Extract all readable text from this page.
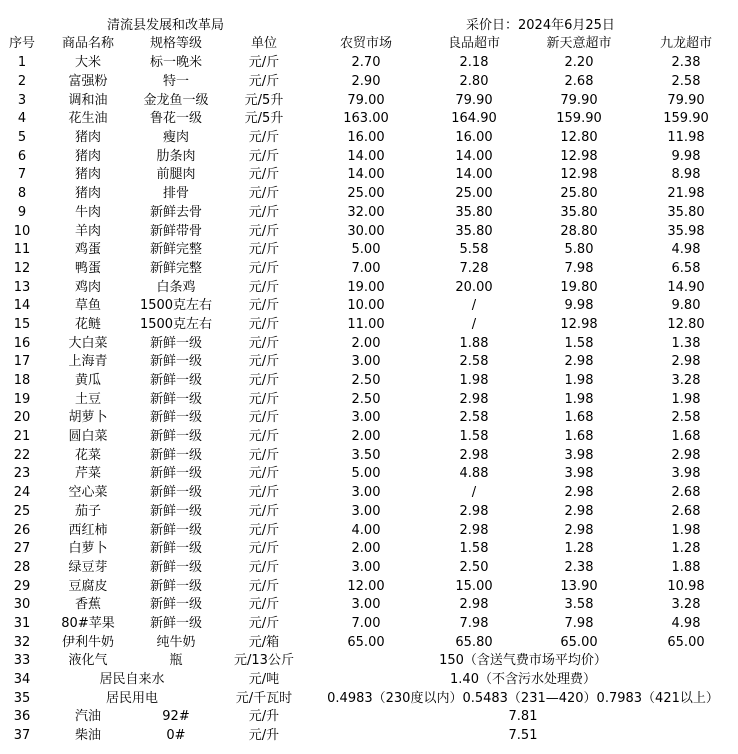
清流县发展和改革局	采价日：2024年6月25日
序号	商品名称	规格等级	单位	农贸市场	良品超市	新天意超市	九龙超市
1	大米	标一晚米	元/斤	2.70	2.18	2.20	2.38
2	富强粉	特一	元/斤	2.90	2.80	2.68	2.58
3	调和油	金龙鱼一级	元/5升	79.00	79.90	79.90	79.90
4	花生油	鲁花一级	元/5升	163.00	164.90	159.90	159.90
5	猪肉	瘦肉	元/斤	16.00	16.00	12.80	11.98
6	猪肉	肋条肉	元/斤	14.00	14.00	12.98	9.98
7	猪肉	前腿肉	元/斤	14.00	14.00	12.98	8.98
8	猪肉	排骨	元/斤	25.00	25.00	25.80	21.98
9	牛肉	新鲜去骨	元/斤	32.00	35.80	35.80	35.80
10	羊肉	新鲜带骨	元/斤	30.00	35.80	28.80	35.98
11	鸡蛋	新鲜完整	元/斤	5.00	5.58	5.80	4.98
12	鸭蛋	新鲜完整	元/斤	7.00	7.28	7.98	6.58
13	鸡肉	白条鸡	元/斤	19.00	20.00	19.80	14.90
14	草鱼	1500克左右	元/斤	10.00	/	9.98	9.80
15	花鲢	1500克左右	元/斤	11.00	/	12.98	12.80
16	大白菜	新鲜一级	元/斤	2.00	1.88	1.58	1.38
17	上海青	新鲜一级	元/斤	3.00	2.58	2.98	2.98
18	黄瓜	新鲜一级	元/斤	2.50	1.98	1.98	3.28
19	土豆	新鲜一级	元/斤	2.50	2.98	1.98	1.98
20	胡萝卜	新鲜一级	元/斤	3.00	2.58	1.68	2.58
21	圆白菜	新鲜一级	元/斤	2.00	1.58	1.68	1.68
22	花菜	新鲜一级	元/斤	3.50	2.98	3.98	2.98
23	芹菜	新鲜一级	元/斤	5.00	4.88	3.98	3.98
24	空心菜	新鲜一级	元/斤	3.00	/	2.98	2.68
25	茄子	新鲜一级	元/斤	3.00	2.98	2.98	2.68
26	西红柿	新鲜一级	元/斤	4.00	2.98	2.98	1.98
27	白萝卜	新鲜一级	元/斤	2.00	1.58	1.28	1.28
28	绿豆芽	新鲜一级	元/斤	3.00	2.50	2.38	1.88
29	豆腐皮	新鲜一级	元/斤	12.00	15.00	13.90	10.98
30	香蕉	新鲜一级	元/斤	3.00	2.98	3.58	3.28
31	80#苹果	新鲜一级	元/斤	7.00	7.98	7.98	4.98
32	伊利牛奶	纯牛奶	元/箱	65.00	65.80	65.00	65.00
33	液化气	瓶	元/13公斤	150（含送气费市场平均价）			
34	居民自来水		元/吨	1.40（不含污水处理费）			
35	居民用电		元/千瓦时	0.4983（230度以内）0.5483（231—420）0.7983（421以上）			
36	汽油	92#	元/升	7.81			
37	柴油	0#	元/升	7.51			
